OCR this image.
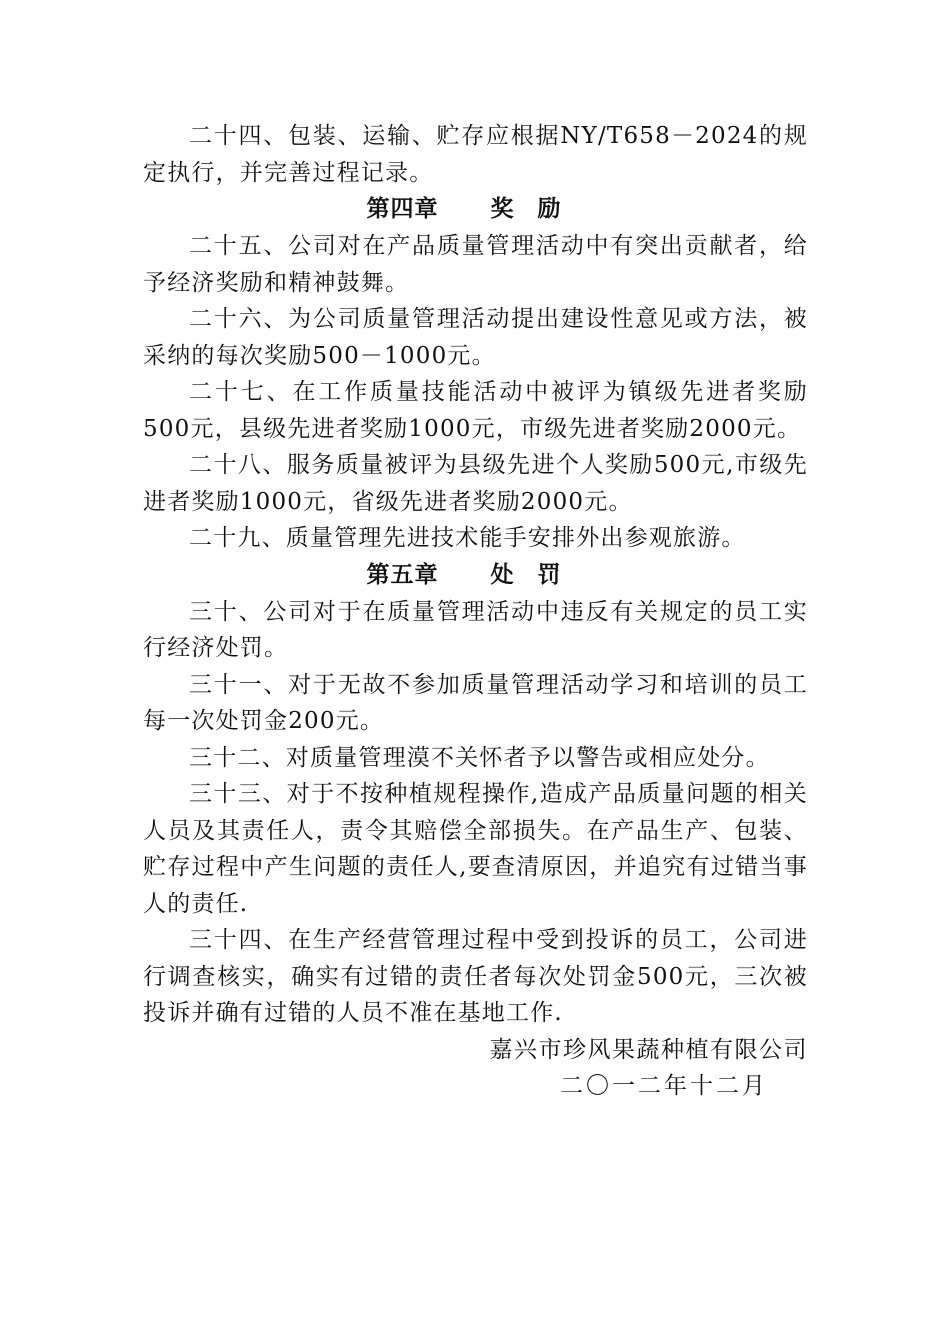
二十四、包装、运输、贮存应根据NY/T658－2024的规定执行，并完善过程记录。

第四章 奖励

二十五、公司对在产品质量管理活动中有突出贡献者，给予经济奖励和精神鼓舞。

二十六、为公司质量管理活动提出建设性意见或方法，被采纳的每次奖励500－1000元。

二十七、在工作质量技能活动中被评为镇级先进者奖励500元，县级先进者奖励1000元，市级先进者奖励2000元。

二十八、服务质量被评为县级先进个人奖励500元,市级先进者奖励1000元，省级先进者奖励2000元。

二十九、质量管理先进技术能手安排外出参观旅游。

第五章 处罚

三十、公司对于在质量管理活动中违反有关规定的员工实行经济处罚。

三十一、对于无故不参加质量管理活动学习和培训的员工每一次处罚金200元。

三十二、对质量管理漠不关怀者予以警告或相应处分。

三十三、对于不按种植规程操作,造成产品质量问题的相关人员及其责任人，责令其赔偿全部损失。在产品生产、包装、贮存过程中产生问题的责任人,要查清原因，并追究有过错当事人的责任.

三十四、在生产经营管理过程中受到投诉的员工，公司进行调查核实，确实有过错的责任者每次处罚金500元，三次被投诉并确有过错的人员不准在基地工作.

嘉兴市珍风果蔬种植有限公司

二〇一二年十二月
